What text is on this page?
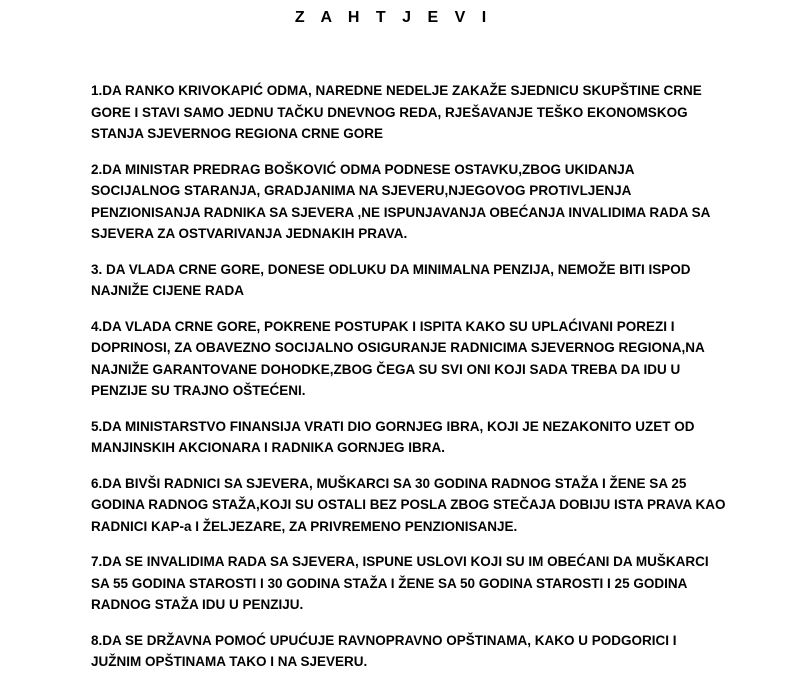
Z A H T J E V I
1.DA RANKO KRIVOKAPIĆ ODMA, NAREDNE NEDELJE ZAKAŽE SJEDNICU SKUPŠTINE CRNE
GORE I STAVI SAMO JEDNU TAČKU DNEVNOG REDA, RJEŠAVANJE TEŠKO EKONOMSKOG
STANJA SJEVERNOG REGIONA CRNE GORE
2.DA MINISTAR PREDRAG BOŠKOVIĆ ODMA PODNESE OSTAVKU,ZBOG UKIDANJA
SOCIJALNOG STARANJA, GRADJANIMA NA SJEVERU,NJEGOVOG PROTIVLJENJA
PENZIONISANJA RADNIKA SA SJEVERA ,NE ISPUNJAVANJA OBEĆANJA INVALIDIMA RADA SA
SJEVERA ZA OSTVARIVANJA JEDNAKIH PRAVA.
3. DA VLADA CRNE GORE, DONESE ODLUKU DA MINIMALNA PENZIJA, NEMOŽE BITI ISPOD
NAJNIŽE CIJENE RADA
4.DA VLADA CRNE GORE, POKRENE POSTUPAK I ISPITA KAKO SU UPLAĆIVANI POREZI I
DOPRINOSI, ZA OBAVEZNO SOCIJALNO OSIGURANJE RADNICIMA SJEVERNOG REGIONA,NA
NAJNIŽE GARANTOVANE DOHODKE,ZBOG ČEGA SU SVI ONI KOJI SADA TREBA DA IDU U
PENZIJE SU TRAJNO OŠTEĆENI.
5.DA MINISTARSTVO FINANSIJA VRATI DIO GORNJEG IBRA, KOJI JE NEZAKONITO UZET OD
MANJINSKIH AKCIONARA I RADNIKA GORNJEG IBRA.
6.DA BIVŠI RADNICI SA SJEVERA, MUŠKARCI SA 30 GODINA RADNOG STAŽA I ŽENE SA 25
GODINA RADNOG STAŽA,KOJI SU OSTALI BEZ POSLA ZBOG STEČAJA DOBIJU ISTA PRAVA KAO
RADNICI KAP-a I ŽELJEZARE, ZA PRIVREMENO PENZIONISANJE.
7.DA SE INVALIDIMA RADA SA SJEVERA, ISPUNE USLOVI KOJI SU IM OBEĆANI DA MUŠKARCI
SA 55 GODINA STAROSTI I 30 GODINA STAŽA I ŽENE SA 50 GODINA STAROSTI I 25 GODINA
RADNOG STAŽA IDU U PENZIJU.
8.DA SE DRŽAVNA POMOĆ UPUĆUJE RAVNOPRAVNO OPŠTINAMA, KAKO U PODGORICI I
JUŽNIM OPŠTINAMA TAKO I NA SJEVERU.
